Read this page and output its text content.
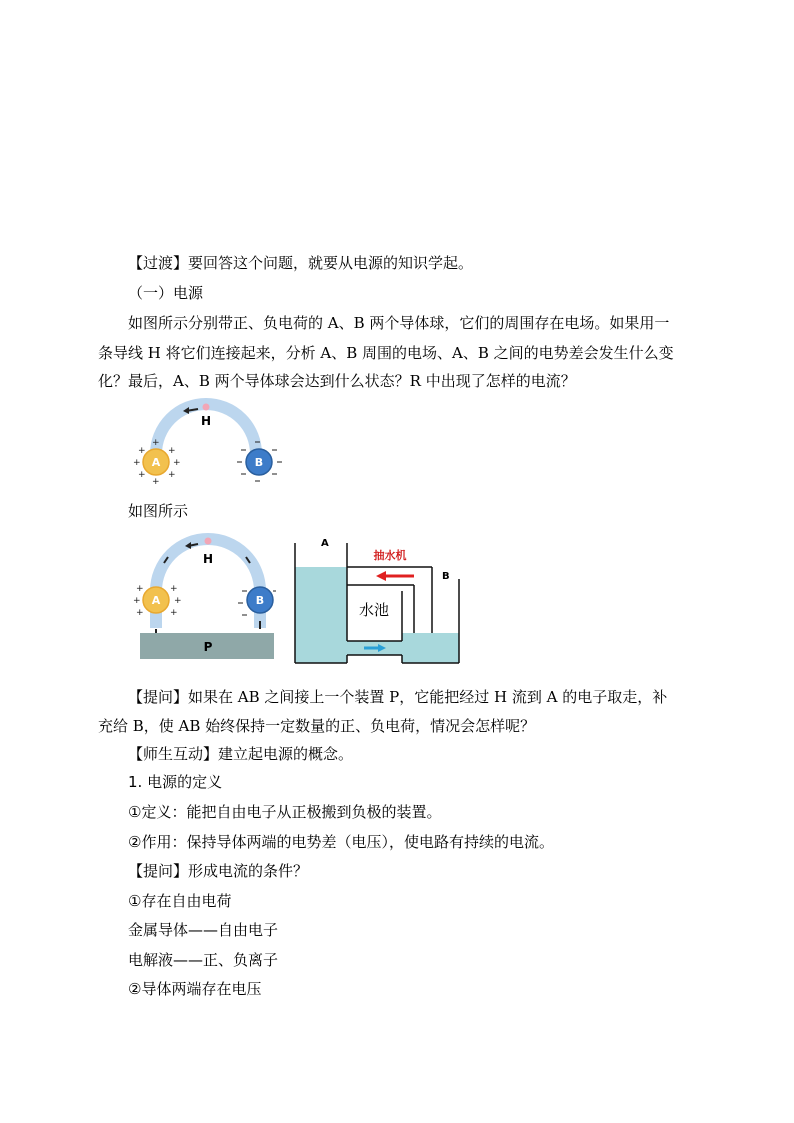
【过渡】要回答这个问题，就要从电源的知识学起。
（一）电源
如图所示分别带正、负电荷的 A、B 两个导体球，它们的周围存在电场。如果用一
条导线 H 将它们连接起来，分析 A、B 周围的电场、A、B 之间的电势差会发生什么变
化？最后，A、B 两个导体球会达到什么状态？R 中出现了怎样的电流？
H
A
+
+ +
+	+
+ +
+
B
如图所示
H
A
+	+
+	+
+	+
B
P
A
B
抽水机
水池
【提问】如果在 AB 之间接上一个装置 P，它能把经过 H 流到 A 的电子取走，补
充给 B，使 AB 始终保持一定数量的正、负电荷，情况会怎样呢？
【师生互动】建立起电源的概念。
1. 电源的定义
①定义：能把自由电子从正极搬到负极的装置。
②作用：保持导体两端的电势差（电压），使电路有持续的电流。
【提问】形成电流的条件？
①存在自由电荷
金属导体——自由电子
电解液——正、负离子
②导体两端存在电压
